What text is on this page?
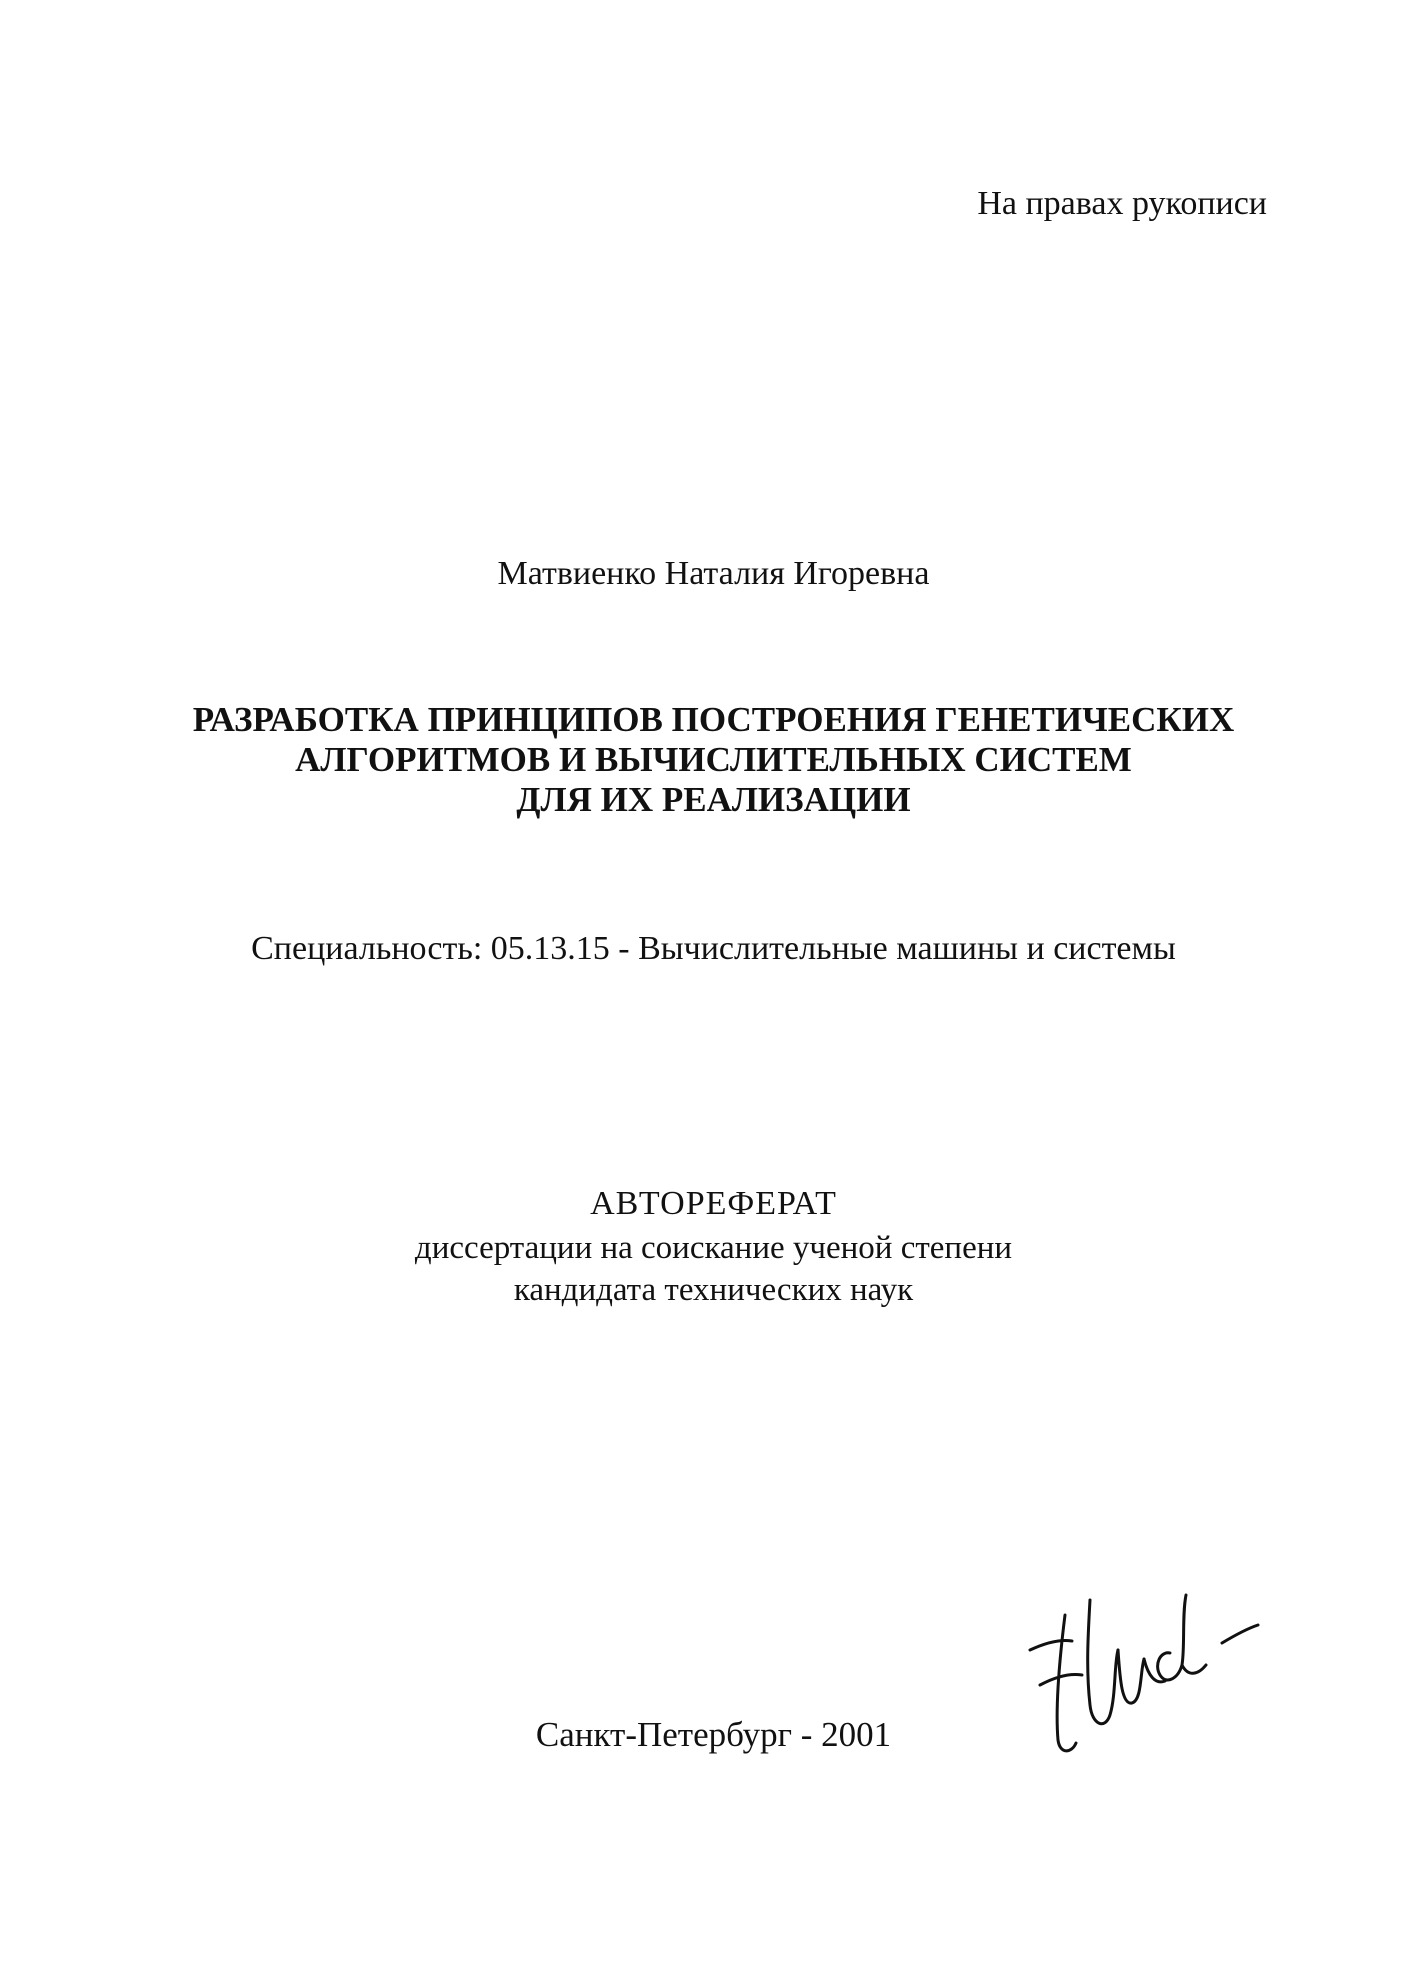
На правах рукописи
Матвиенко Наталия Игоревна
РАЗРАБОТКА ПРИНЦИПОВ ПОСТРОЕНИЯ ГЕНЕТИЧЕСКИХ
АЛГОРИТМОВ И ВЫЧИСЛИТЕЛЬНЫХ СИСТЕМ
ДЛЯ ИХ РЕАЛИЗАЦИИ
Специальность: 05.13.15 - Вычислительные машины и системы
АВТОРЕФЕРАТ
диссертации на соискание ученой степени
кандидата технических наук
Санкт-Петербург - 2001
